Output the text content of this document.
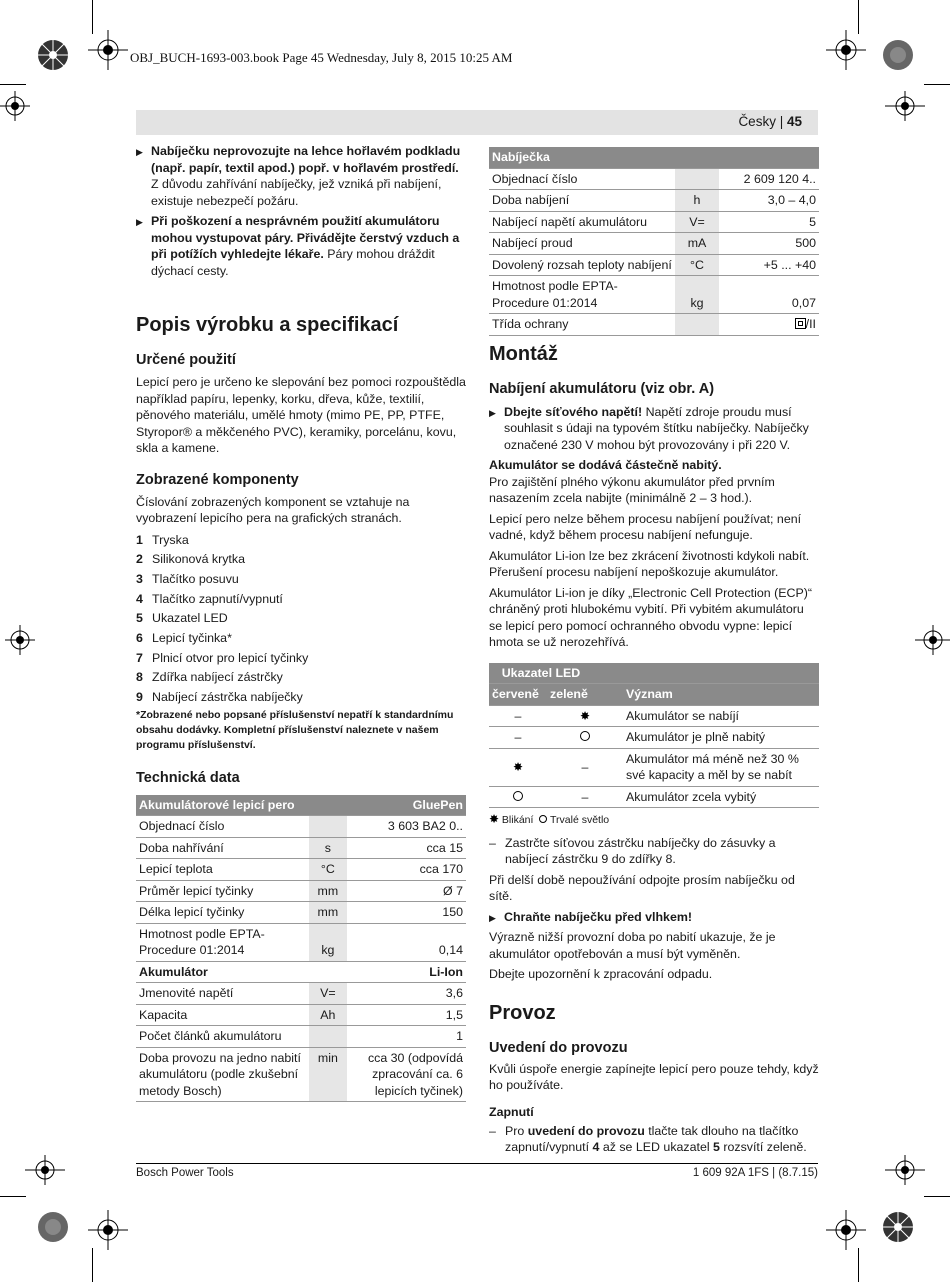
OBJ_BUCH-1693-003.book Page 45 Wednesday, July 8, 2015 10:25 AM
Česky | 45
▶ Nabíječku neprovozujte na lehce hořlavém podkladu (např. papír, textil apod.) popř. v hořlavém prostředí. Z důvodu zahřívání nabíječky, jež vzniká při nabíjení, existuje nebezpečí požáru.
▶ Při poškození a nesprávném použití akumulátoru mohou vystupovat páry. Přivádějte čerstvý vzduch a při potížích vyhledejte lékaře. Páry mohou dráždit dýchací cesty.
Popis výrobku a specifikací
Určené použití

Lepicí pero je určeno ke slepování bez pomoci rozpouštědla například papíru, lepenky, korku, dřeva, kůže, textilií, pěnového materiálu, umělé hmoty (mimo PE, PP, PTFE, Styropor® a měkčeného PVC), keramiky, porcelánu, kovu, skla a kamene.

Zobrazené komponenty

Číslování zobrazených komponent se vztahuje na vyobrazení lepicího pera na grafických stranách.

1 Tryska
2 Silikonová krytka
3 Tlačítko posuvu
4 Tlačítko zapnutí/vypnutí
5 Ukazatel LED
6 Lepicí tyčinka*
7 Plnicí otvor pro lepicí tyčinky
8 Zdířka nabíjecí zástrčky
9 Nabíjecí zástrčka nabíječky
*Zobrazené nebo popsané příslušenství nepatří k standardnímu obsahu dodávky. Kompletní příslušenství naleznete v našem programu příslušenství.
Technická data
Akumulátorové lepicí pero		GluePen
Objednací číslo		3 603 BA2 0..
Doba nahřívání	s	cca 15
Lepicí teplota	°C	cca 170
Průměr lepicí tyčinky	mm	Ø 7
Délka lepicí tyčinky	mm	150
Hmotnost podle EPTA-Procedure 01:2014	kg	0,14
Akumulátor		Li-Ion
Jmenovité napětí	V=	3,6
Kapacita	Ah	1,5
Počet článků akumulátoru		1
Doba provozu na jedno nabití akumulátoru (podle zkušební metody Bosch)	min	cca 30 (odpovídá zpracování ca. 6 lepicích tyčinek)
Nabíječka		
Objednací číslo		2 609 120 4..
Doba nabíjení	h	3,0 – 4,0
Nabíjecí napětí akumulátoru	V=	5
Nabíjecí proud	mA	500
Dovolený rozsah teploty nabíjení	°C	+5 ... +40
Hmotnost podle EPTA-Procedure 01:2014	kg	0,07
Třída ochrany		/II
Montáž
Nabíjení akumulátoru (viz obr. A)
▶ Dbejte síťového napětí! Napětí zdroje proudu musí souhlasit s údaji na typovém štítku nabíječky. Nabíječky označené 230 V mohou být provozovány i při 220 V.

Akumulátor se dodává částečně nabitý.

Pro zajištění plného výkonu akumulátor před prvním nasazením zcela nabijte (minimálně 2 – 3 hod.).

Lepicí pero nelze během procesu nabíjení používat; není vadné, když během procesu nabíjení nefunguje.

Akumulátor Li-ion lze bez zkrácení životnosti kdykoli nabít. Přerušení procesu nabíjení nepoškozuje akumulátor.

Akumulátor Li-ion je díky „Electronic Cell Protection (ECP)“ chráněný proti hlubokému vybití. Při vybitém akumulátoru se lepicí pero pomocí ochranného obvodu vypne: lepicí hmota se už nerozehřívá.

Ukazatel LED		
červeně	zeleně	Význam
–	✸	Akumulátor se nabíjí
–		Akumulátor je plně nabitý
✸	–	Akumulátor má méně než 30 % své kapacity a měl by se nabít
	–	Akumulátor zcela vybitý
✸ Blikání Trvalé světlo
– Zastrčte síťovou zástrčku nabíječky do zásuvky a nabíjecí zástrčku 9 do zdířky 8.

Při delší době nepoužívání odpojte prosím nabíječku od sítě.

▶ Chraňte nabíječku před vlhkem!

Výrazně nižší provozní doba po nabití ukazuje, že je akumulátor opotřebován a musí být vyměněn.

Dbejte upozornění k zpracování odpadu.

Provoz
Uvedení do provozu

Kvůli úspoře energie zapínejte lepicí pero pouze tehdy, když ho používáte.

Zapnutí
– Pro uvedení do provozu tlačte tak dlouho na tlačítko zapnutí/vypnutí 4 až se LED ukazatel 5 rozsvítí zeleně.
Bosch Power Tools	1 609 92A 1FS | (8.7.15)
